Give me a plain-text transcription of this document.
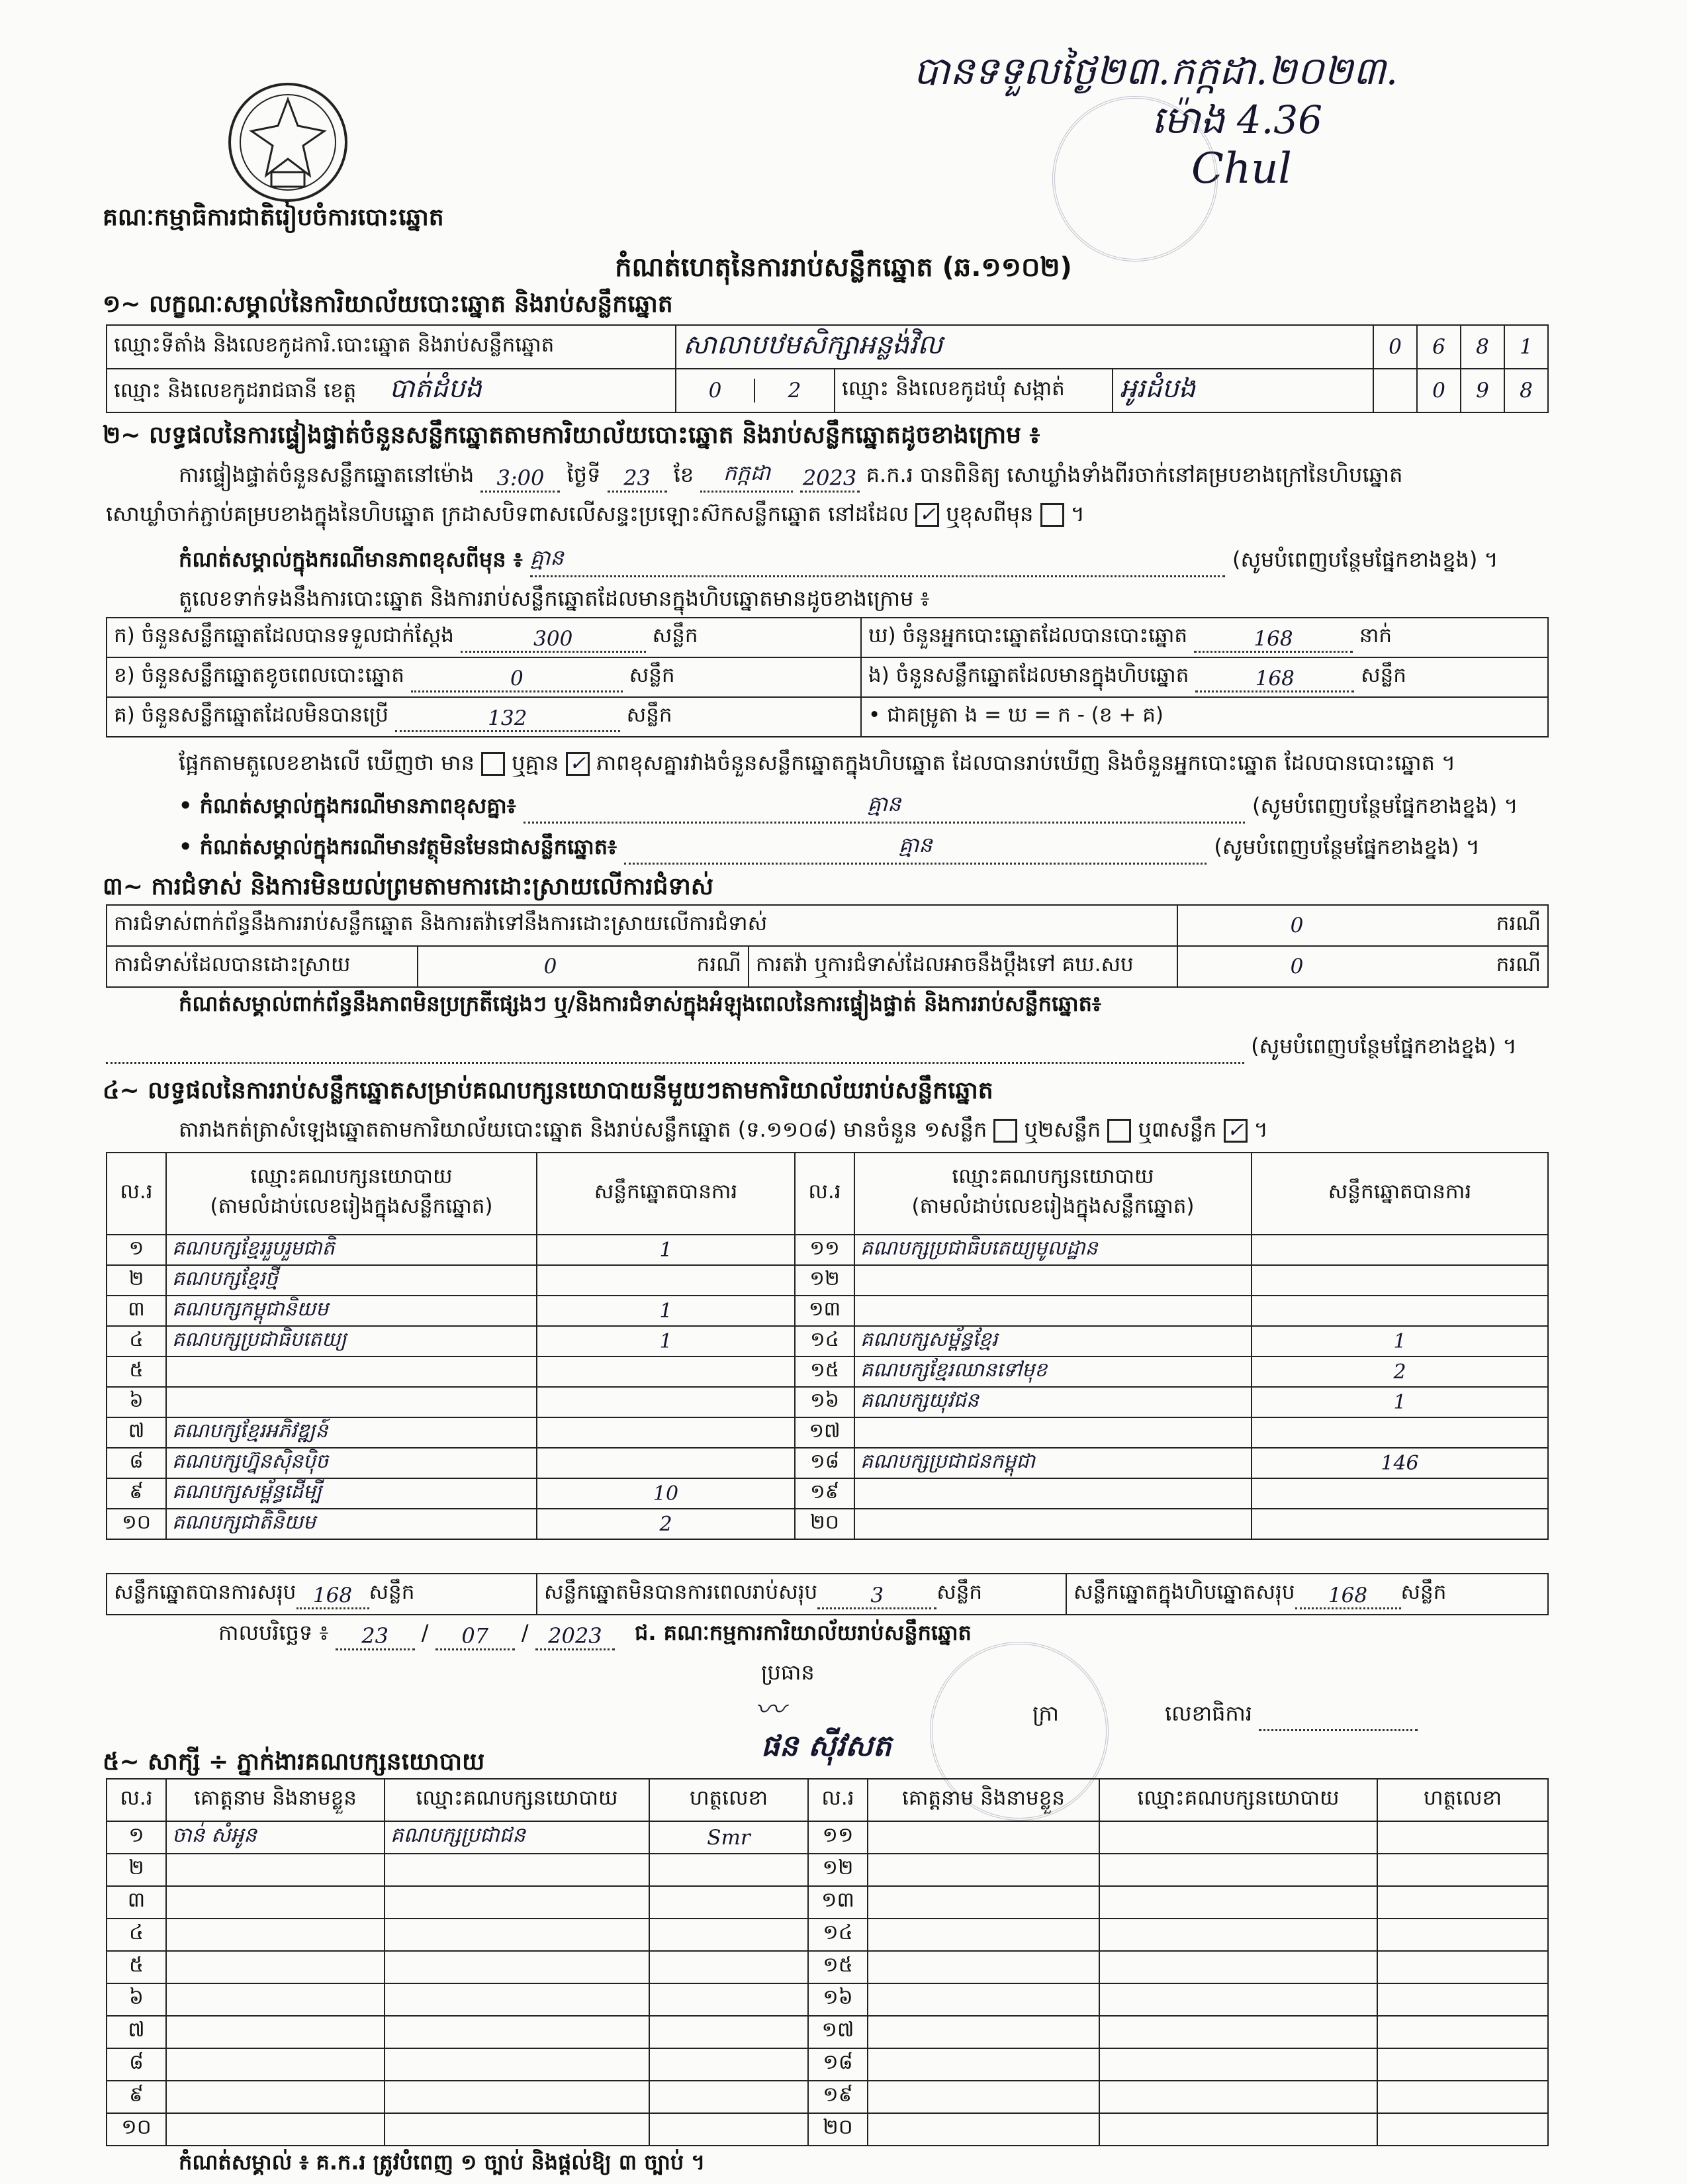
បានទទួលថ្ងៃ២៣.កក្កដា.២០២៣.
ម៉ោង 4.36
Chul
គណៈកម្មាធិការជាតិរៀបចំការបោះឆ្នោត
កំណត់ហេតុនៃការរាប់សន្លឹកឆ្នោត (ឆ.១១០២)
១~ លក្ខណៈសម្គាល់នៃការិយាល័យបោះឆ្នោត និងរាប់សន្លឹកឆ្នោត
ឈ្មោះទីតាំង និងលេខកូដការិ.បោះឆ្នោត និងរាប់សន្លឹកឆ្នោត	សាលាបឋមសិក្សាអន្លង់វិល			0	6	8	1
ឈ្មោះ និងលេខកូដរាជធានី ខេត្ត បាត់ដំបង	0 2	ឈ្មោះ និងលេខកូដឃុំ សង្កាត់	អូរដំបង		0	9	8
២~ លទ្ធផលនៃការផ្ទៀងផ្ទាត់ចំនួនសន្លឹកឆ្នោតតាមការិយាល័យបោះឆ្នោត និងរាប់សន្លឹកឆ្នោតដូចខាងក្រោម ៖
ការផ្ទៀងផ្ទាត់ចំនួនសន្លឹកឆ្នោតនៅម៉ោង 3:00 ថ្ងៃទី 23 ខែ កក្កដា 2023 គ.ក.រ បានពិនិត្យ សោឃ្លាំងទាំងពីរចាក់នៅគម្របខាងក្រៅនៃហិបឆ្នោត
សោឃ្លាំចាក់ភ្ជាប់គម្របខាងក្នុងនៃហិបឆ្នោត ក្រដាសបិទពាសលើសន្ទះប្រឡោះស៊កសន្លឹកឆ្នោត នៅដដែល ✓ ឬខុសពីមុន ។
កំណត់សម្គាល់ក្នុងករណីមានភាពខុសពីមុន ៖ គ្មាន	(សូមបំពេញបន្ថែមផ្នែកខាងខ្នង) ។
តួលេខទាក់ទងនឹងការបោះឆ្នោត និងការរាប់សន្លឹកឆ្នោតដែលមានក្នុងហិបឆ្នោតមានដូចខាងក្រោម ៖
ក) ចំនួនសន្លឹកឆ្នោតដែលបានទទួលជាក់ស្តែង 300 សន្លឹក	ឃ) ចំនួនអ្នកបោះឆ្នោតដែលបានបោះឆ្នោត 168 នាក់
ខ) ចំនួនសន្លឹកឆ្នោតខូចពេលបោះឆ្នោត 0 សន្លឹក	ង) ចំនួនសន្លឹកឆ្នោតដែលមានក្នុងហិបឆ្នោត 168 សន្លឹក
គ) ចំនួនសន្លឹកឆ្នោតដែលមិនបានប្រើ 132 សន្លឹក	• ជាគម្រូតា ង = ឃ = ក - (ខ + គ)
ផ្អែកតាមតួលេខខាងលើ ឃើញថា មាន ឬគ្មាន ✓ ភាពខុសគ្នារវាងចំនួនសន្លឹកឆ្នោតក្នុងហិបឆ្នោត ដែលបានរាប់ឃើញ និងចំនួនអ្នកបោះឆ្នោត ដែលបានបោះឆ្នោត ។
• កំណត់សម្គាល់ក្នុងករណីមានភាពខុសគ្នា៖	គ្មាន	(សូមបំពេញបន្ថែមផ្នែកខាងខ្នង) ។
• កំណត់សម្គាល់ក្នុងករណីមានវត្ថុមិនមែនជាសន្លឹកឆ្នោត៖	គ្មាន	(សូមបំពេញបន្ថែមផ្នែកខាងខ្នង) ។
៣~ ការជំទាស់ និងការមិនយល់ព្រមតាមការដោះស្រាយលើការជំទាស់
ការជំទាស់ពាក់ព័ន្ធនឹងការរាប់សន្លឹកឆ្នោត និងការតវ៉ាទៅនឹងការដោះស្រាយលើការជំទាស់				0	ករណី
ការជំទាស់ដែលបានដោះស្រាយ	0	ករណី	ការតវ៉ា ឬការជំទាស់ដែលអាចនឹងប្តឹងទៅ គឃ.សប	0	ករណី
កំណត់សម្គាល់ពាក់ព័ន្ធនឹងភាពមិនប្រក្រតីផ្សេងៗ ឬ/និងការជំទាស់ក្នុងអំឡុងពេលនៃការផ្ទៀងផ្ទាត់ និងការរាប់សន្លឹកឆ្នោត៖
(សូមបំពេញបន្ថែមផ្នែកខាងខ្នង) ។
៤~ លទ្ធផលនៃការរាប់សន្លឹកឆ្នោតសម្រាប់គណបក្សនយោបាយនីមួយៗតាមការិយាល័យរាប់សន្លឹកឆ្នោត
តារាងកត់ត្រាសំឡេងឆ្នោតតាមការិយាល័យបោះឆ្នោត និងរាប់សន្លឹកឆ្នោត (ទ.១១០៨) មានចំនួន ១សន្លឹក ឬ២សន្លឹក ឬ៣សន្លឹក ✓ ។
ល.រ	ឈ្មោះគណបក្សនយោបាយ
(តាមលំដាប់លេខរៀងក្នុងសន្លឹកឆ្នោត)	សន្លឹកឆ្នោតបានការ	ល.រ	ឈ្មោះគណបក្សនយោបាយ
(តាមលំដាប់លេខរៀងក្នុងសន្លឹកឆ្នោត)	សន្លឹកឆ្នោតបានការ
១	គណបក្សខ្មែររួបរួមជាតិ	1	១១	គណបក្សប្រជាធិបតេយ្យមូលដ្ឋាន	
២	គណបក្សខ្មែរថ្មី		១២		
៣	គណបក្សកម្ពុជានិយម	1	១៣		
៤	គណបក្សប្រជាធិបតេយ្យ	1	១៤	គណបក្សសម្ព័ន្ធខ្មែរ	1
៥			១៥	គណបក្សខ្មែរឈានទៅមុខ	2
៦			១៦	គណបក្សយុវជន	1
៧	គណបក្សខ្មែរអភិវឌ្ឍន៍		១៧		
៨	គណបក្សហ្វ៊ុនស៊ិនប៉ិច		១៨	គណបក្សប្រជាជនកម្ពុជា	146
៩	គណបក្សសម្ព័ន្ធដើម្បី	10	១៩		
១០	គណបក្សជាតិនិយម	2	២០		
សន្លឹកឆ្នោតបានការសរុប 168 សន្លឹក	សន្លឹកឆ្នោតមិនបានការពេលរាប់សរុប	3	សន្លឹក	សន្លឹកឆ្នោតក្នុងហិបឆ្នោតសរុប 168 សន្លឹក
កាលបរិច្ឆេទ ៖ 23 / 07 / 2023 ជ. គណៈកម្មការការិយាល័យរាប់សន្លឹកឆ្នោត
ប្រធាន
〰	ក្រា	លេខាធិការ
ផន ស៊ីវសត
៥~ សាក្សី ÷ ភ្នាក់ងារគណបក្សនយោបាយ
ល.រ	គោត្តនាម និងនាមខ្លួន	ឈ្មោះគណបក្សនយោបាយ	ហត្ថលេខា	ល.រ	គោត្តនាម និងនាមខ្លួន	ឈ្មោះគណបក្សនយោបាយ	ហត្ថលេខា
១	ចាន់ សំអូន	គណបក្សប្រជាជន	Smr	១១			
២				១២			
៣				១៣			
៤				១៤			
៥				១៥			
៦				១៦			
៧				១៧			
៨				១៨			
៩				១៩			
១០				២០			
កំណត់សម្គាល់ ៖ គ.ក.រ ត្រូវបំពេញ ១ ច្បាប់ និងផ្តល់ឱ្យ ៣ ច្បាប់ ។
